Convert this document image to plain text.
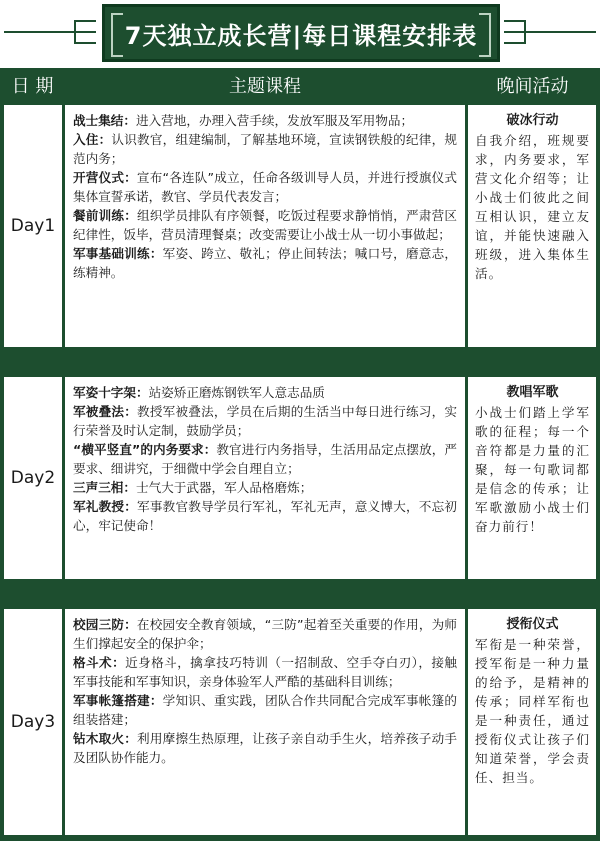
7天独立成长营|每日课程安排表
日 期	主题课程	晚间活动
Day1

战士集结：进入营地，办理入营手续，发放军服及军用物品；

入住：认识教官，组建编制，了解基地环境，宣读钢铁般的纪律，规范内务；

开营仪式：宣布“各连队”成立，任命各级训导人员，并进行授旗仪式集体宣誓承诺，教官、学员代表发言；

餐前训练：组织学员排队有序领餐，吃饭过程要求静悄悄，严肃营区纪律性，饭毕，营员清理餐桌；改变需要让小战士从一切小事做起；

军事基础训练：军姿、跨立、敬礼；停止间转法；喊口号，磨意志，练精神。

破冰行动
自我介绍，班规要求，内务要求，军营文化介绍等；让小战士们彼此之间互相认识，建立友谊，并能快速融入班级，进入集体生活。
Day2

军姿十字架：站姿矫正磨炼钢铁军人意志品质

军被叠法：教授军被叠法，学员在后期的生活当中每日进行练习，实行荣誉及时认定制，鼓励学员；

“横平竖直”的内务要求：教官进行内务指导，生活用品定点摆放，严要求、细讲究，于细微中学会自理自立；

三声三相：士气大于武器，军人品格磨炼；

军礼教授：军事教官教导学员行军礼，军礼无声，意义博大，不忘初心，牢记使命！

教唱军歌
小战士们踏上学军歌的征程；每一个音符都是力量的汇聚，每一句歌词都是信念的传承；让军歌激励小战士们奋力前行！
Day3

校园三防：在校园安全教育领域，“三防”起着至关重要的作用，为师生们撑起安全的保护伞；

格斗术：近身格斗，擒拿技巧特训（一招制敌、空手夺白刃），接触军事技能和军事知识，亲身体验军人严酷的基础科目训练；

军事帐篷搭建：学知识、重实践，团队合作共同配合完成军事帐篷的组装搭建；

钻木取火：利用摩擦生热原理，让孩子亲自动手生火，培养孩子动手及团队协作能力。

授衔仪式
军衔是一种荣誉，授军衔是一种力量的给予，是精神的传承；同样军衔也是一种责任，通过授衔仪式让孩子们知道荣誉，学会责任、担当。
